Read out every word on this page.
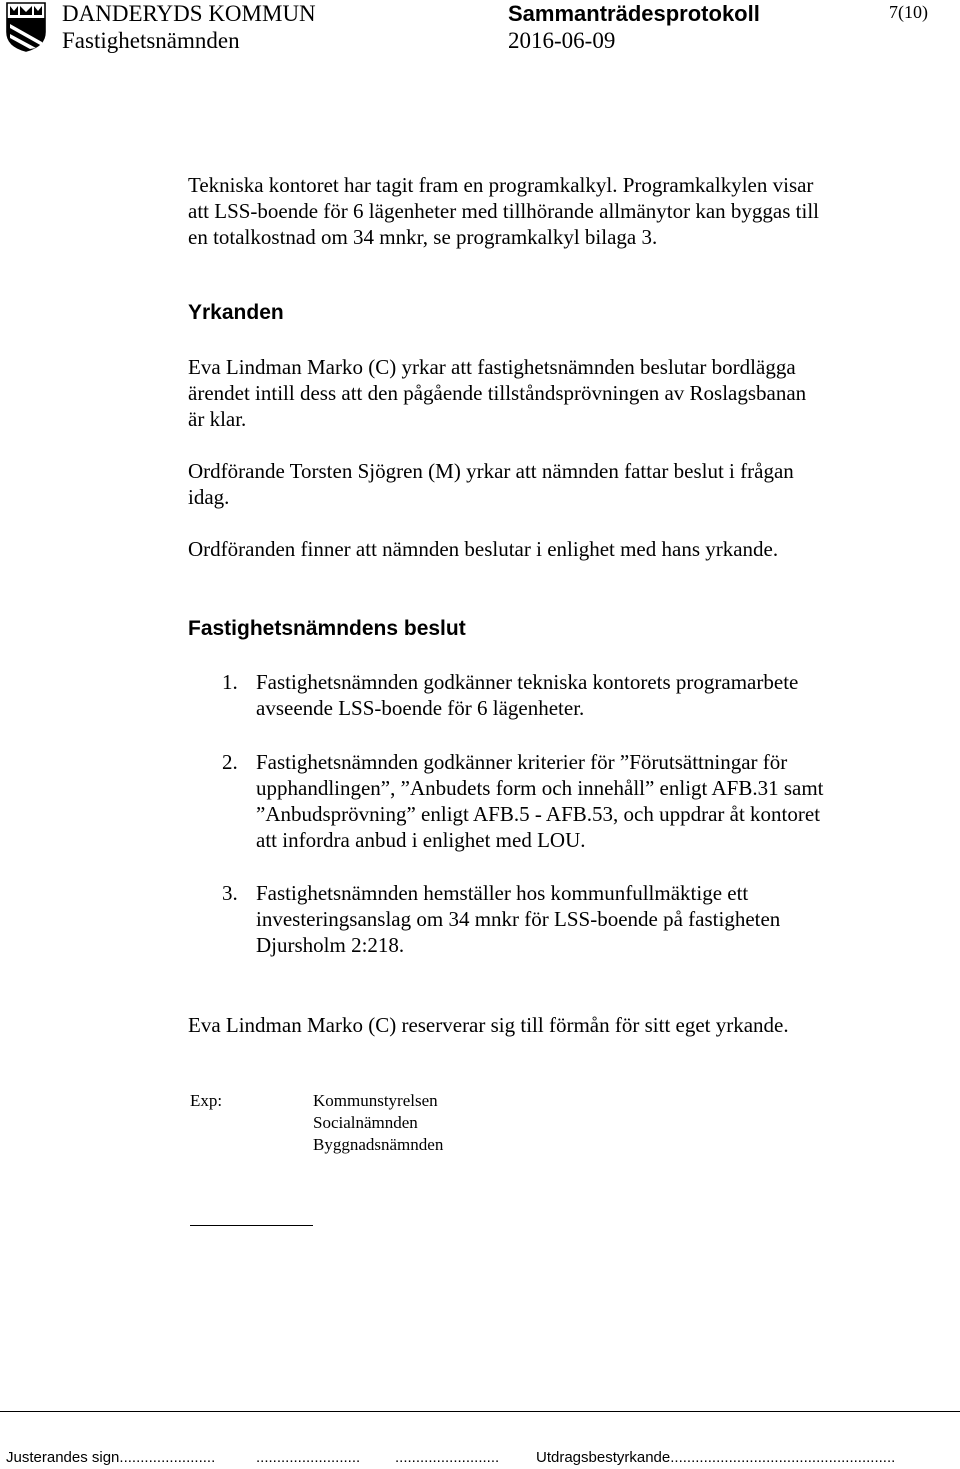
DANDERYDS KOMMUN
Fastighetsnämnden
Sammanträdesprotokoll
2016-06-09
7(10)
Tekniska kontoret har tagit fram en programkalkyl. Programkalkylen visar
att LSS-boende för 6 lägenheter med tillhörande allmänytor kan byggas till
en totalkostnad om 34 mnkr, se programkalkyl bilaga 3.
Yrkanden
Eva Lindman Marko (C) yrkar att fastighetsnämnden beslutar bordlägga
ärendet intill dess att den pågående tillståndsprövningen av Roslagsbanan
är klar.
Ordförande Torsten Sjögren (M) yrkar att nämnden fattar beslut i frågan
idag.
Ordföranden finner att nämnden beslutar i enlighet med hans yrkande.
Fastighetsnämndens beslut
1. Fastighetsnämnden godkänner tekniska kontorets programarbete
avseende LSS-boende för 6 lägenheter.
2. Fastighetsnämnden godkänner kriterier för ”Förutsättningar för
upphandlingen”, ”Anbudets form och innehåll” enligt AFB.31 samt
”Anbudsprövning” enligt AFB.5 - AFB.53, och uppdrar åt kontoret
att infordra anbud i enlighet med LOU.
3. Fastighetsnämnden hemställer hos kommunfullmäktige ett
investeringsanslag om 34 mnkr för LSS-boende på fastigheten
Djursholm 2:218.
Eva Lindman Marko (C) reserverar sig till förmån för sitt eget yrkande.
Exp:	Kommunstyrelsen
Socialnämnden
Byggnadsnämnden
Justerandes sign.......................	......................... ......................... Utdragsbestyrkande......................................................
